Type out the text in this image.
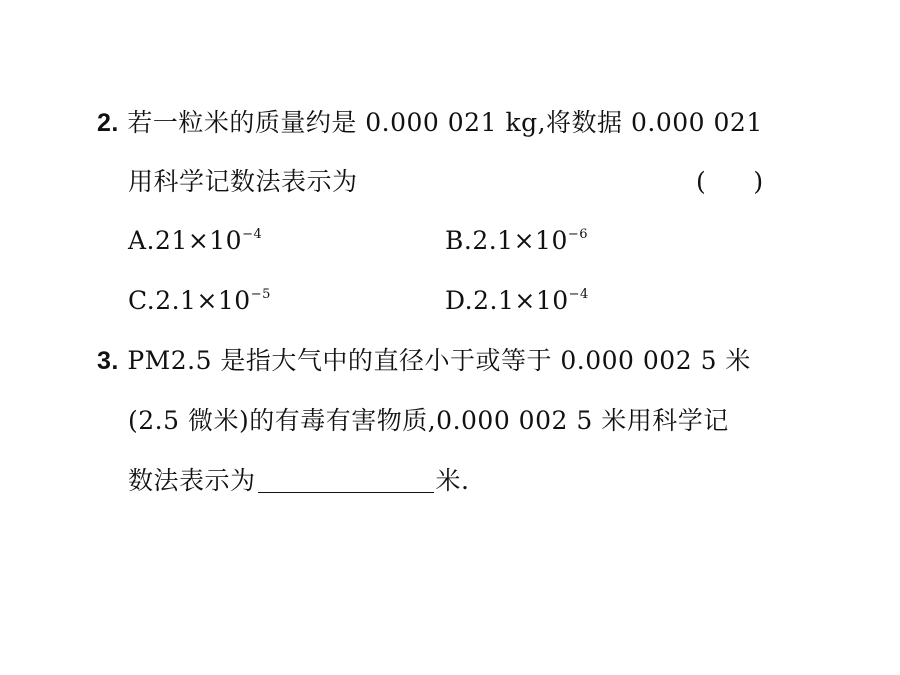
2. 若一粒米的质量约是 0.000 021 kg,将数据 0.000 021
用科学记数法表示为	(      )
$A.21\times 10^{-4}$	$B.2.1\times 10^{-6}$
$C.2.1\times 10^{-5}$	$D.2.1\times 10^{-4}$
3. PM2.5 是指大气中的直径小于或等于 0.000 002 5 米
(2.5 微米)的有毒有害物质,0.000 002 5 米用科学记
数法表示为	米.
